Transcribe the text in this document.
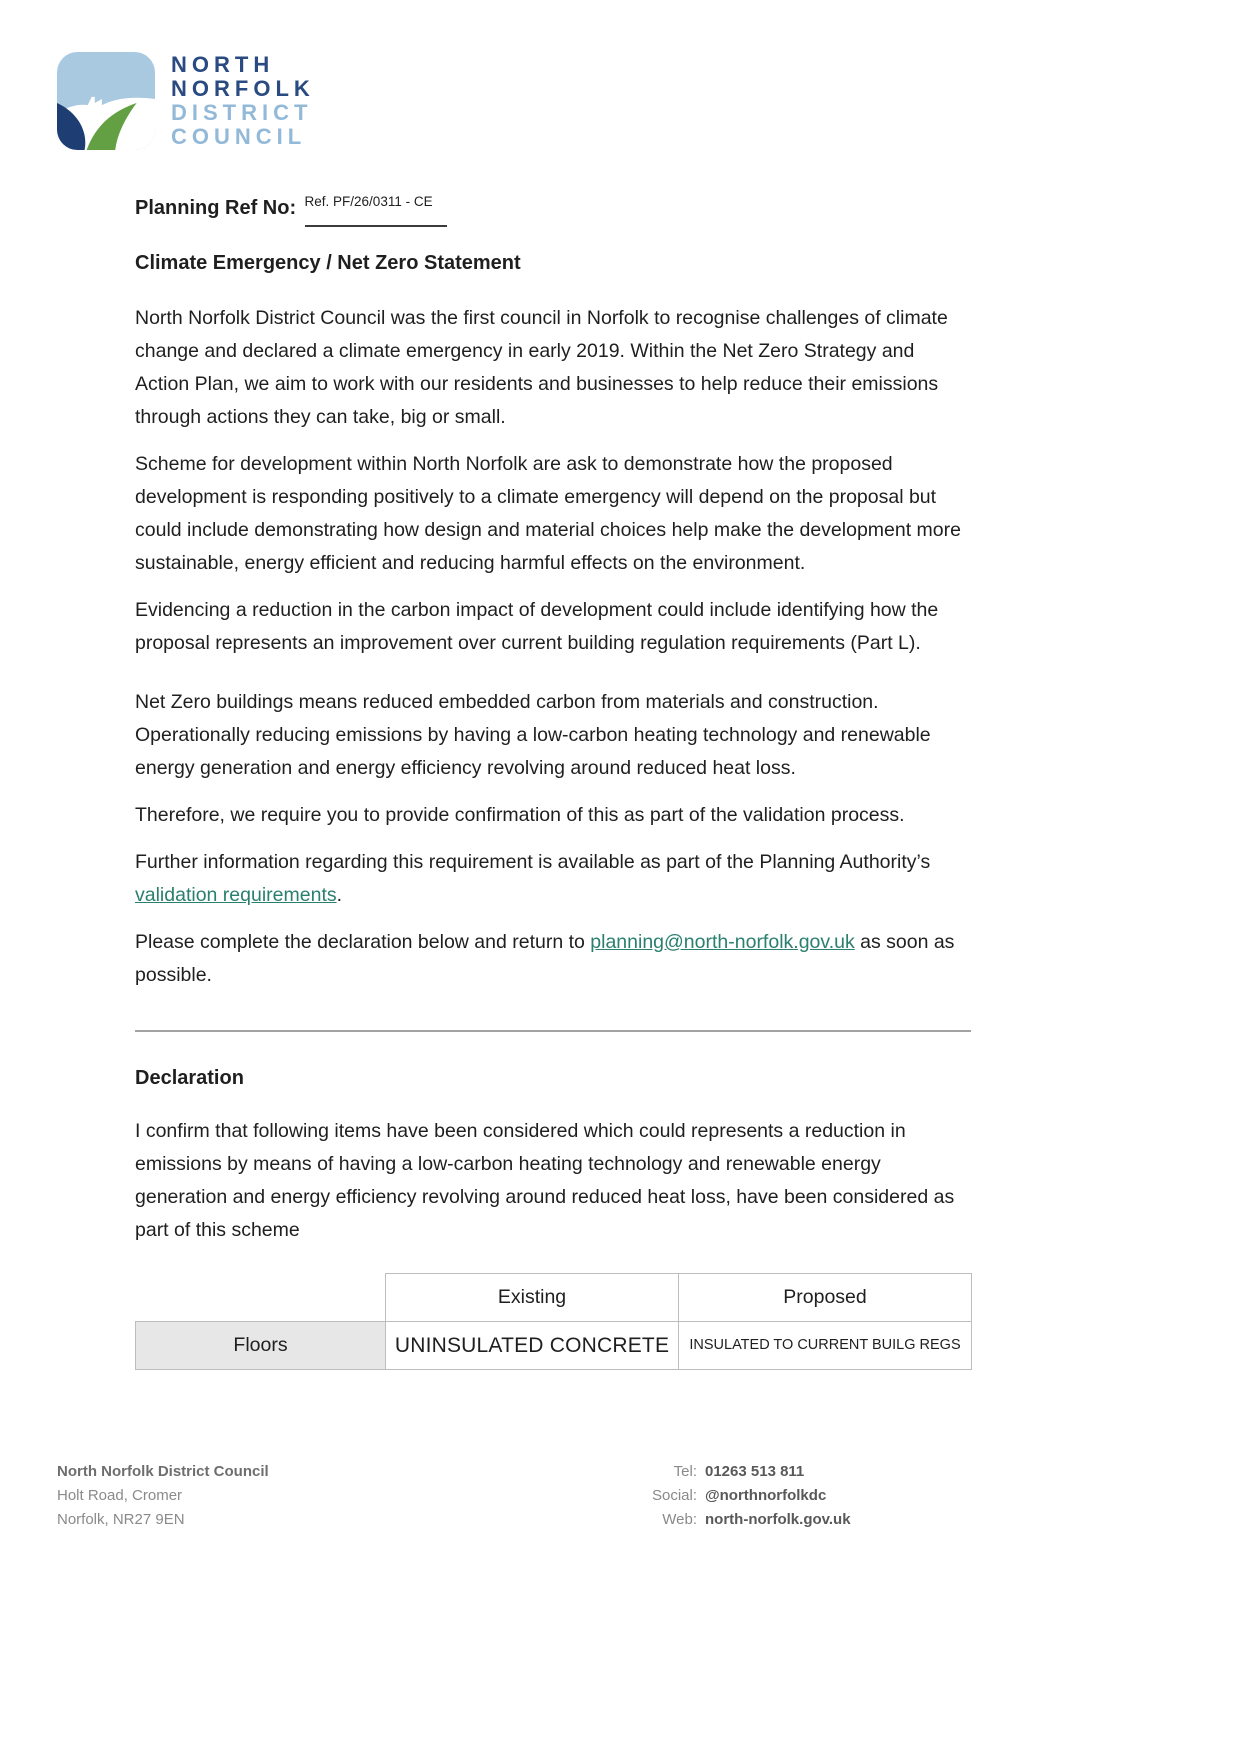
NORTH
NORFOLK
DISTRICT
COUNCIL
Planning Ref No: Ref. PF/26/0311 - CE
Climate Emergency / Net Zero Statement

North Norfolk District Council was the first council in Norfolk to recognise challenges of climate change and declared a climate emergency in early 2019. Within the Net Zero Strategy and Action Plan, we aim to work with our residents and businesses to help reduce their emissions through actions they can take, big or small.

Scheme for development within North Norfolk are ask to demonstrate how the proposed development is responding positively to a climate emergency will depend on the proposal but could include demonstrating how design and material choices help make the development more sustainable, energy efficient and reducing harmful effects on the environment.

Evidencing a reduction in the carbon impact of development could include identifying how the proposal represents an improvement over current building regulation requirements (Part L).

Net Zero buildings means reduced embedded carbon from materials and construction. Operationally reducing emissions by having a low-carbon heating technology and renewable energy generation and energy efficiency revolving around reduced heat loss.

Therefore, we require you to provide confirmation of this as part of the validation process.

Further information regarding this requirement is available as part of the Planning Authority’s validation requirements.

Please complete the declaration below and return to planning@north-norfolk.gov.uk as soon as possible.

Declaration

I confirm that following items have been considered which could represents a reduction in emissions by means of having a low-carbon heating technology and renewable energy generation and energy efficiency revolving around reduced heat loss, have been considered as part of this scheme

	Existing	Proposed
Floors	UNINSULATED CONCRETE	INSULATED TO CURRENT BUILG REGS
North Norfolk District Council
Holt Road, Cromer
Norfolk, NR27 9EN
Tel: 01263 513 811
Social: @northnorfolkdc
Web: north-norfolk.gov.uk
